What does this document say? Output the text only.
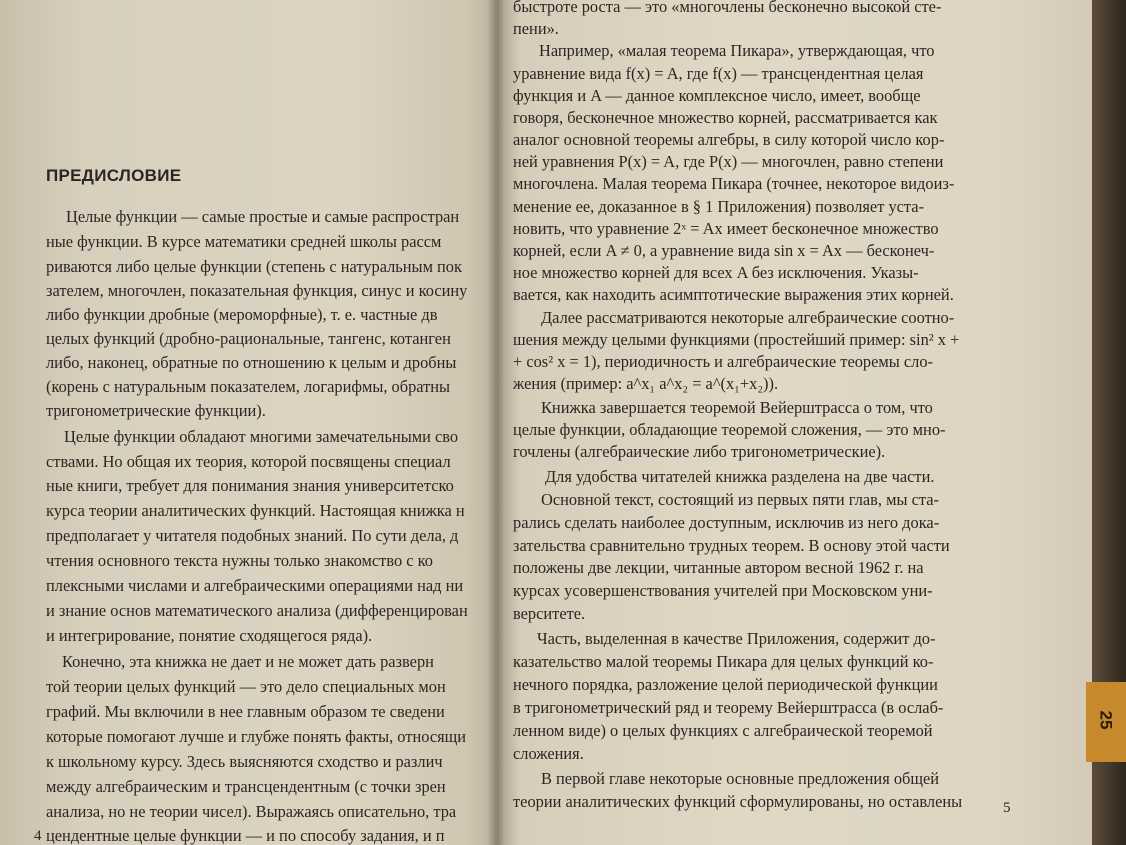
ПРЕДИСЛОВИЕ
Целые функции — самые простые и самые распростран
ные функции. В курсе математики средней школы рассм
риваются либо целые функции (степень с натуральным пок
зателем, многочлен, показательная функция, синус и косину
либо функции дробные (мероморфные), т. е. частные дв
целых функций (дробно-рациональные, тангенс, котанген
либо, наконец, обратные по отношению к целым и дробны
(корень с натуральным показателем, логарифмы, обратны
тригонометрические функции).
Целые функции обладают многими замечательными сво
ствами. Но общая их теория, которой посвящены специал
ные книги, требует для понимания знания университетско
курса теории аналитических функций. Настоящая книжка н
предполагает у читателя подобных знаний. По сути дела, д
чтения основного текста нужны только знакомство с ко
плексными числами и алгебраическими операциями над ни
и знание основ математического анализа (дифференцирован
и интегрирование, понятие сходящегося ряда).
Конечно, эта книжка не дает и не может дать разверн
той теории целых функций — это дело специальных мон
графий. Мы включили в нее главным образом те сведени
которые помогают лучше и глубже понять факты, относящи
к школьному курсу. Здесь выясняются сходство и различ
между алгебраическим и трансцендентным (с точки зрен
анализа, но не теории чисел). Выражаясь описательно, тра
цендентные целые функции — и по способу задания, и п
4
быстроте роста — это «многочлены бесконечно высокой сте-
пени».
Например, «малая теорема Пикара», утверждающая, что
уравнение вида f(x) = A, где f(x) — трансцендентная целая
функция и A — данное комплексное число, имеет, вообще
говоря, бесконечное множество корней, рассматривается как
аналог основной теоремы алгебры, в силу которой число кор-
ней уравнения P(x) = A, где P(x) — многочлен, равно степени
многочлена. Малая теорема Пикара (точнее, некоторое видоиз-
менение ее, доказанное в § 1 Приложения) позволяет уста-
новить, что уравнение 2ˣ = Ax имеет бесконечное множество
корней, если A ≠ 0, а уравнение вида sin x = Ax — бесконеч-
ное множество корней для всех A без исключения. Указы-
вается, как находить асимптотические выражения этих корней.
Далее рассматриваются некоторые алгебраические соотно-
шения между целыми функциями (простейший пример: sin² x +
+ cos² x = 1), периодичность и алгебраические теоремы сло-
жения (пример: a^x₁ a^x₂ = a^(x₁+x₂)).
Книжка завершается теоремой Вейерштрасса о том, что
целые функции, обладающие теоремой сложения, — это мно-
гочлены (алгебраические либо тригонометрические).
Для удобства читателей книжка разделена на две части.
Основной текст, состоящий из первых пяти глав, мы ста-
рались сделать наиболее доступным, исключив из него дока-
зательства сравнительно трудных теорем. В основу этой части
положены две лекции, читанные автором весной 1962 г. на
курсах усовершенствования учителей при Московском уни-
верситете.
Часть, выделенная в качестве Приложения, содержит до-
казательство малой теоремы Пикара для целых функций ко-
нечного порядка, разложение целой периодической функции
в тригонометрический ряд и теорему Вейерштрасса (в ослаб-
ленном виде) о целых функциях с алгебраической теоремой
сложения.
В первой главе некоторые основные предложения общей
теории аналитических функций сформулированы, но оставлены	5
25
